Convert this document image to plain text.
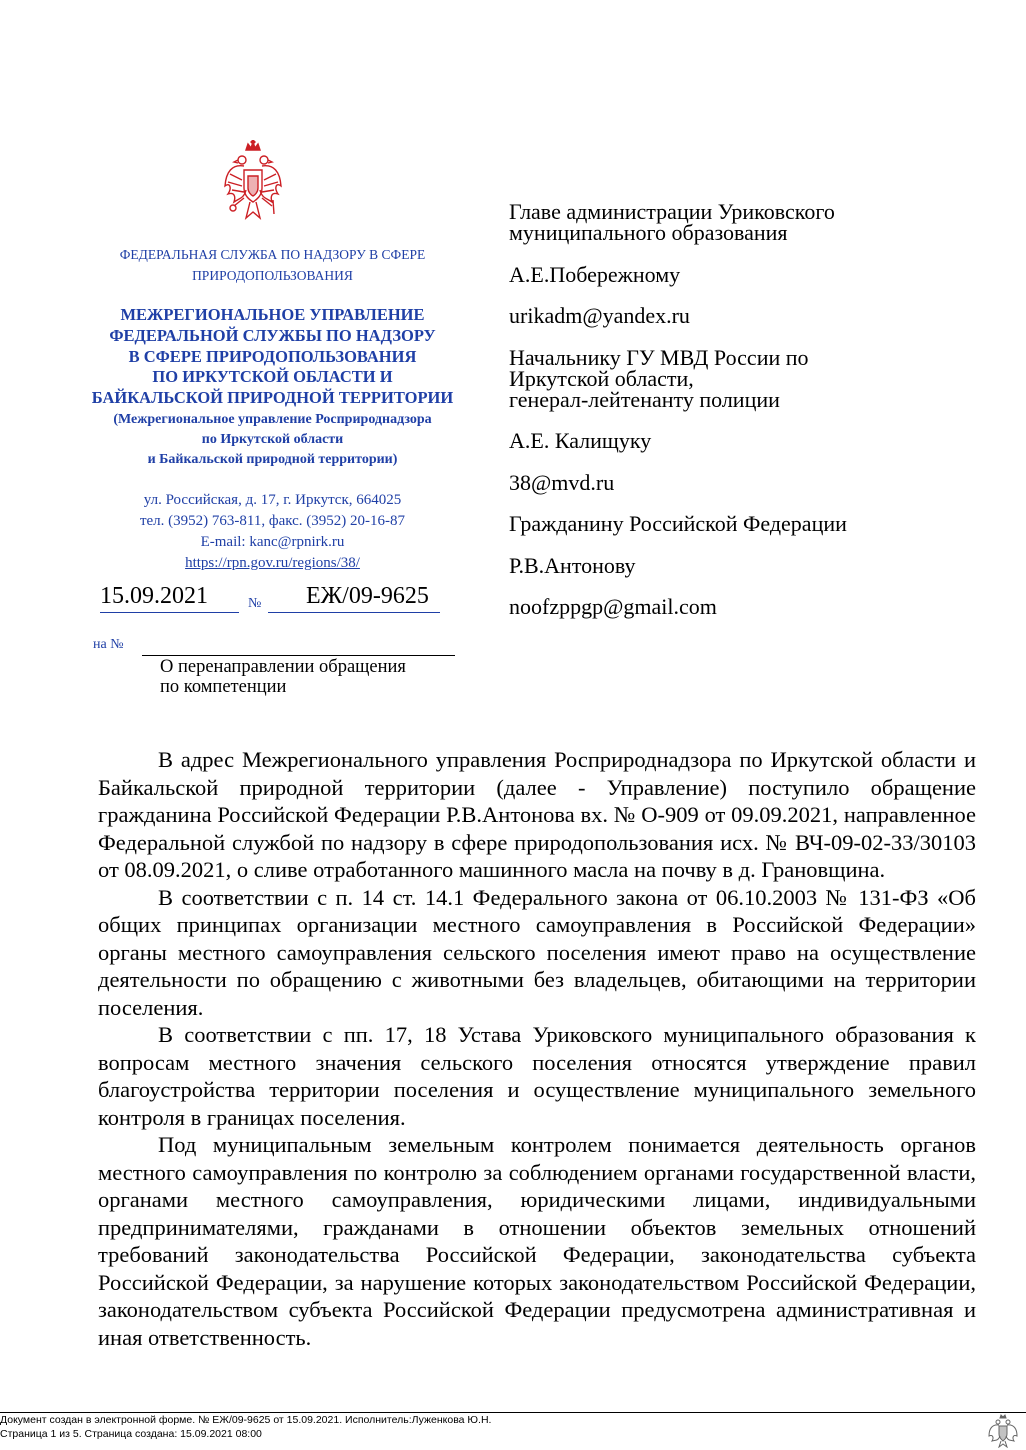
ФЕДЕРАЛЬНАЯ СЛУЖБА ПО НАДЗОРУ В СФЕРЕ
ПРИРОДОПОЛЬЗОВАНИЯ
МЕЖРЕГИОНАЛЬНОЕ УПРАВЛЕНИЕ
ФЕДЕРАЛЬНОЙ СЛУЖБЫ ПО НАДЗОРУ
В СФЕРЕ ПРИРОДОПОЛЬЗОВАНИЯ
ПО ИРКУТСКОЙ ОБЛАСТИ И
БАЙКАЛЬСКОЙ ПРИРОДНОЙ ТЕРРИТОРИИ
(Межрегиональное управление Росприроднадзора
по Иркутской области
и Байкальской природной территории)
ул. Российская, д. 17, г. Иркутск, 664025
тел. (3952) 763-811, факс. (3952) 20-16-87
E-mail: kanc@rpnirk.ru
https://rpn.gov.ru/regions/38/
15.09.2021	№ ЕЖ/09-9625
на №
О перенаправлении обращения
по компетенции

Главе администрации Уриковского
муниципального образования

А.Е.Побережному

urikadm@yandex.ru

Начальнику ГУ МВД России по
Иркутской области,
генерал-лейтенанту полиции

А.Е. Калищуку

38@mvd.ru

Гражданину Российской Федерации

Р.В.Антонову

noofzppgp@gmail.com

В адрес Межрегионального управления Росприроднадзора по Иркутской области и Байкальской природной территории (далее - Управление) поступило обращение гражданина Российской Федерации Р.В.Антонова вх. № О-909 от 09.09.2021, направленное Федеральной службой по надзору в сфере природопользования исх. № ВЧ-09-02-33/30103 от 08.09.2021, о сливе отработанного машинного масла на почву в д. Грановщина.

В соответствии с п. 14 ст. 14.1 Федерального закона от 06.10.2003 № 131-ФЗ «Об общих принципах организации местного самоуправления в Российской Федерации» органы местного самоуправления сельского поселения имеют право на осуществление деятельности по обращению с животными без владельцев, обитающими на территории поселения.

В соответствии с пп. 17, 18 Устава Уриковского муниципального образования к вопросам местного значения сельского поселения относятся утверждение правил благоустройства территории поселения и осуществление муниципального земельного контроля в границах поселения.

Под муниципальным земельным контролем понимается деятельность органов местного самоуправления по контролю за соблюдением органами государственной власти, органами местного самоуправления, юридическими лицами, индивидуальными предпринимателями, гражданами в отношении объектов земельных отношений требований законодательства Российской Федерации, законодательства субъекта Российской Федерации, за нарушение которых законодательством Российской Федерации, законодательством субъекта Российской Федерации предусмотрена административная и иная ответственность.

Документ создан в электронной форме. № ЕЖ/09-9625 от 15.09.2021. Исполнитель:Луженкова Ю.Н.
Страница 1 из 5. Страница создана: 15.09.2021 08:00
